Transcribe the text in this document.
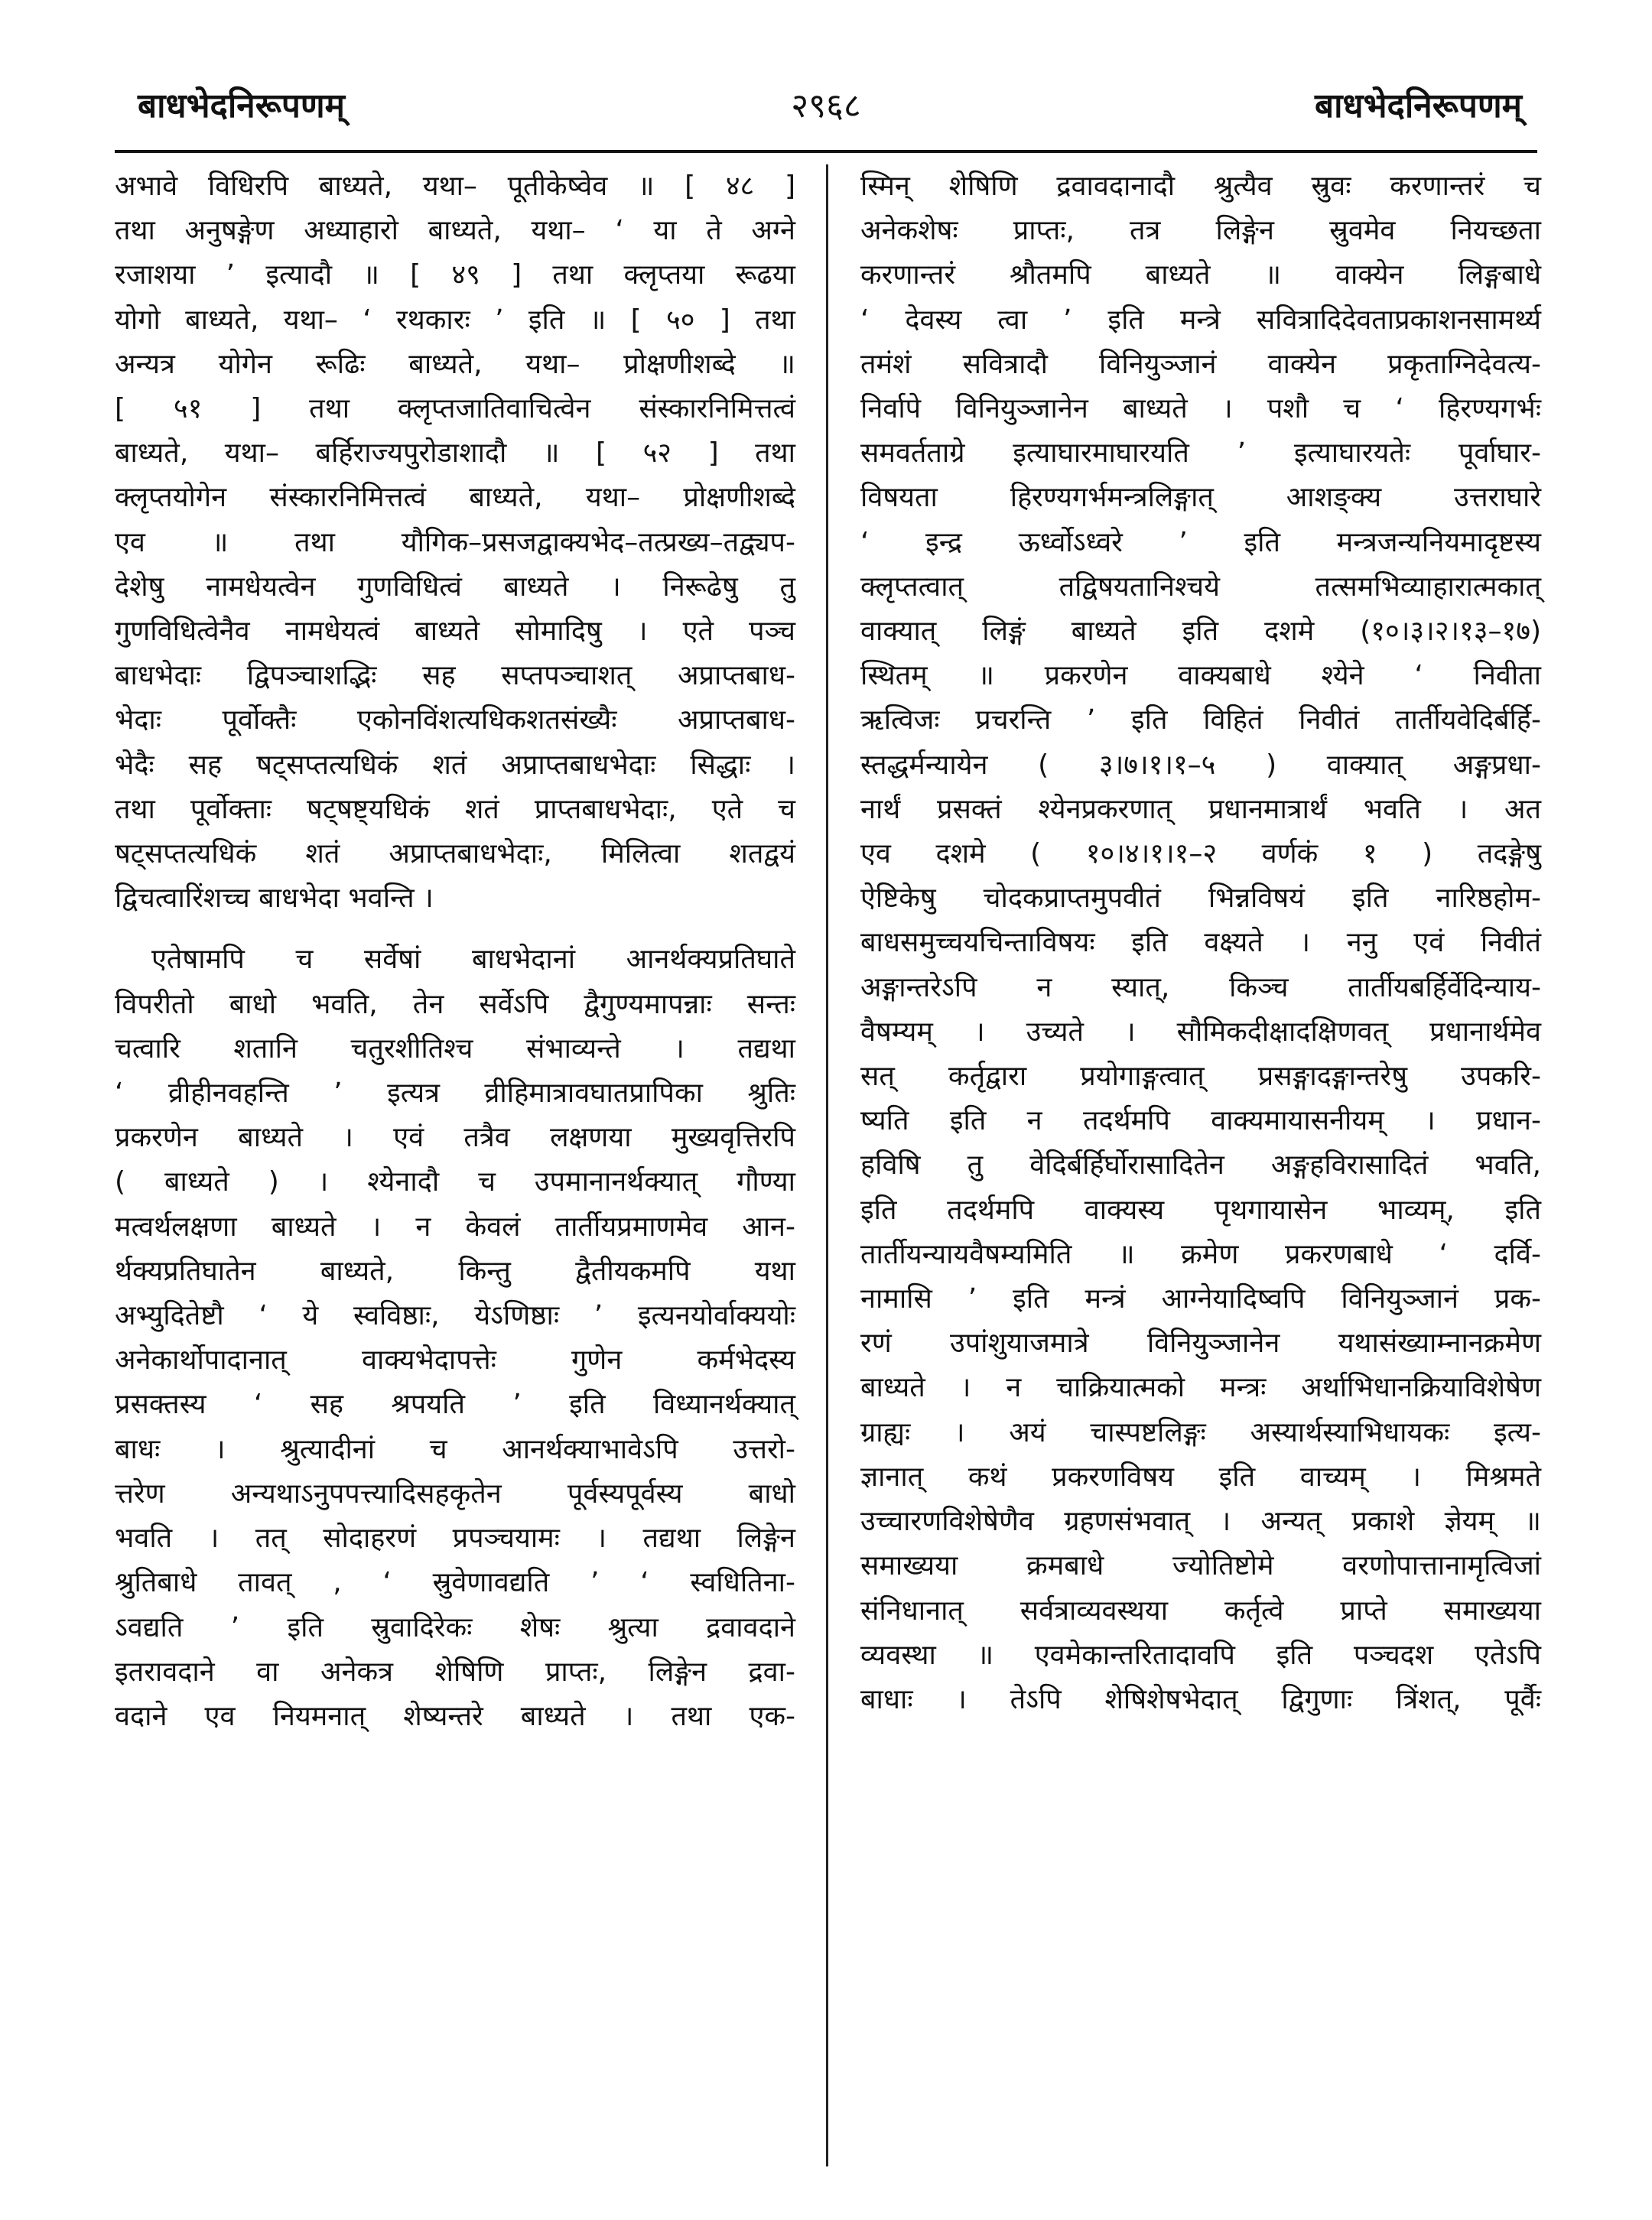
बाधभेदनिरूपणम्	२९६८	बाधभेदनिरूपणम्

अभावे विधिरपि बाध्यते, यथा– पूतीकेष्वेव ॥ [ ४८ ]

तथा अनुषङ्गेण अध्याहारो बाध्यते, यथा– ‘ या ते अग्ने

रजाशया ’ इत्यादौ ॥ [ ४९ ] तथा क्लृप्तया रूढया

योगो बाध्यते, यथा– ‘ रथकारः ’ इति ॥ [ ५० ] तथा

अन्यत्र योगेन रूढिः बाध्यते, यथा– प्रोक्षणीशब्दे ॥

[ ५१ ] तथा क्लृप्तजातिवाचित्वेन संस्कारनिमित्तत्वं

बाध्यते, यथा– बर्हिराज्यपुरोडाशादौ ॥ [ ५२ ] तथा

क्लृप्तयोगेन संस्कारनिमित्तत्वं बाध्यते, यथा– प्रोक्षणीशब्दे

एव ॥ तथा यौगिक–प्रसजद्वाक्यभेद–तत्प्रख्य–तद्व्यप-

देशेषु नामधेयत्वेन गुणविधित्वं बाध्यते । निरूढेषु तु

गुणविधित्वेनैव नामधेयत्वं बाध्यते सोमादिषु । एते पञ्च

बाधभेदाः द्विपञ्चाशद्भिः सह सप्तपञ्चाशत् अप्राप्तबाध-

भेदाः पूर्वोक्तैः एकोनविंशत्यधिकशतसंख्यैः अप्राप्तबाध-

भेदैः सह षट्सप्तत्यधिकं शतं अप्राप्तबाधभेदाः सिद्धाः ।

तथा पूर्वोक्ताः षट्षष्ट्यधिकं शतं प्राप्तबाधभेदाः, एते च

षट्सप्तत्यधिकं शतं अप्राप्तबाधभेदाः, मिलित्वा शतद्वयं

द्विचत्वारिंशच्च बाधभेदा भवन्ति ।

एतेषामपि च सर्वेषां बाधभेदानां आनर्थक्यप्रतिघाते

विपरीतो बाधो भवति, तेन सर्वेऽपि द्वैगुण्यमापन्नाः सन्तः

चत्वारि शतानि चतुरशीतिश्च संभाव्यन्ते । तद्यथा

‘ व्रीहीनवहन्ति ’ इत्यत्र व्रीहिमात्रावघातप्रापिका श्रुतिः

प्रकरणेन बाध्यते । एवं तत्रैव लक्षणया मुख्यवृत्तिरपि

( बाध्यते ) । श्येनादौ च उपमानानर्थक्यात् गौण्या

मत्वर्थलक्षणा बाध्यते । न केवलं तार्तीयप्रमाणमेव आन-

र्थक्यप्रतिघातेन बाध्यते, किन्तु द्वैतीयकमपि यथा

अभ्युदितेष्टौ ‘ ये स्वविष्ठाः, येऽणिष्ठाः ’ इत्यनयोर्वाक्ययोः

अनेकार्थोपादानात् वाक्यभेदापत्तेः गुणेन कर्मभेदस्य

प्रसक्तस्य ‘ सह श्रपयति ’ इति विध्यानर्थक्यात्

बाधः । श्रुत्यादीनां च आनर्थक्याभावेऽपि उत्तरो-

त्तरेण अन्यथाऽनुपपत्त्यादिसहकृतेन पूर्वस्यपूर्वस्य बाधो

भवति । तत् सोदाहरणं प्रपञ्चयामः । तद्यथा लिङ्गेन

श्रुतिबाधे तावत् , ‘ स्रुवेणावद्यति ’ ‘ स्वधितिना-

ऽवद्यति ’ इति स्रुवादिरेकः शेषः श्रुत्या द्रवावदाने

इतरावदाने वा अनेकत्र शेषिणि प्राप्तः, लिङ्गेन द्रवा-

वदाने एव नियमनात् शेष्यन्तरे बाध्यते । तथा एक-

स्मिन् शेषिणि द्रवावदानादौ श्रुत्यैव स्रुवः करणान्तरं च

अनेकशेषः प्राप्तः, तत्र लिङ्गेन स्रुवमेव नियच्छता

करणान्तरं श्रौतमपि बाध्यते ॥ वाक्येन लिङ्गबाधे

‘ देवस्य त्वा ’ इति मन्त्रे सवित्रादिदेवताप्रकाशनसामर्थ्य

तमंशं सवित्रादौ विनियुञ्जानं वाक्येन प्रकृताग्निदेवत्य-

निर्वापे विनियुञ्जानेन बाध्यते । पशौ च ‘ हिरण्यगर्भः

समवर्तताग्रे इत्याघारमाघारयति ’ इत्याघारयतेः पूर्वाघार-

विषयता हिरण्यगर्भमन्त्रलिङ्गात् आशङ्क्य उत्तराघारे

‘ इन्द्र ऊर्ध्वोऽध्वरे ’ इति मन्त्रजन्यनियमादृष्टस्य

क्लृप्तत्वात् तद्विषयतानिश्चये तत्समभिव्याहारात्मकात्

वाक्यात् लिङ्गं बाध्यते इति दशमे (१०।३।२।१३–१७)

स्थितम् ॥ प्रकरणेन वाक्यबाधे श्येने ‘ निवीता

ऋत्विजः प्रचरन्ति ’ इति विहितं निवीतं तार्तीयवेदिर्बर्हि-

स्तद्धर्मन्यायेन ( ३।७।१।१–५ ) वाक्यात् अङ्गप्रधा-

नार्थं प्रसक्तं श्येनप्रकरणात् प्रधानमात्रार्थं भवति । अत

एव दशमे ( १०।४।१।१–२ वर्णकं १ ) तदङ्गेषु

ऐष्टिकेषु चोदकप्राप्तमुपवीतं भिन्नविषयं इति नारिष्ठहोम-

बाधसमुच्चयचिन्ताविषयः इति वक्ष्यते । ननु एवं निवीतं

अङ्गान्तरेऽपि न स्यात्, किञ्च तार्तीयबर्हिर्वेदिन्याय-

वैषम्यम् । उच्यते । सौमिकदीक्षादक्षिणवत् प्रधानार्थमेव

सत् कर्तृद्वारा प्रयोगाङ्गत्वात् प्रसङ्गादङ्गान्तरेषु उपकरि-

ष्यति इति न तदर्थमपि वाक्यमायासनीयम् । प्रधान-

हविषि तु वेदिर्बर्हिर्घोरासादितेन अङ्गहविरासादितं भवति,

इति तदर्थमपि वाक्यस्य पृथगायासेन भाव्यम्, इति

तार्तीयन्यायवैषम्यमिति ॥ क्रमेण प्रकरणबाधे ‘ दर्वि-

नामासि ’ इति मन्त्रं आग्नेयादिष्वपि विनियुञ्जानं प्रक-

रणं उपांशुयाजमात्रे विनियुञ्जानेन यथासंख्याम्नानक्रमेण

बाध्यते । न चाक्रियात्मको मन्त्रः अर्थाभिधानक्रियाविशेषेण

ग्राह्यः । अयं चास्पष्टलिङ्गः अस्यार्थस्याभिधायकः इत्य-

ज्ञानात् कथं प्रकरणविषय इति वाच्यम् । मिश्रमते

उच्चारणविशेषेणैव ग्रहणसंभवात् । अन्यत् प्रकाशे ज्ञेयम् ॥

समाख्यया क्रमबाधे ज्योतिष्टोमे वरणोपात्तानामृत्विजां

संनिधानात् सर्वत्राव्यवस्थया कर्तृत्वे प्राप्ते समाख्यया

व्यवस्था ॥ एवमेकान्तरितादावपि इति पञ्चदश एतेऽपि

बाधाः । तेऽपि शेषिशेषभेदात् द्विगुणाः त्रिंशत्, पूर्वैः
